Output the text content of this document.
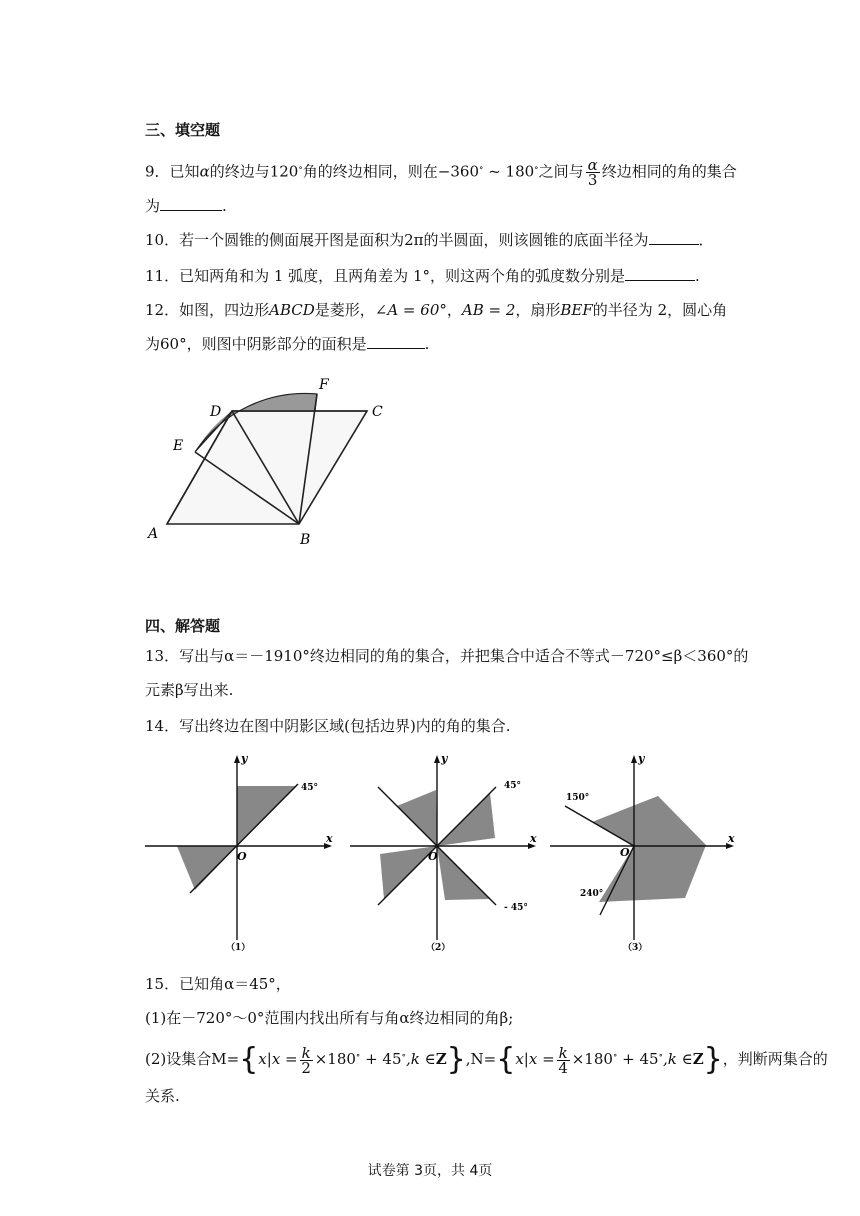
三、填空题
9．已知α的终边与120∘角的终边相同，则在−360∘ ~ 180∘之间与 $\frac{\alpha}{3}$ 终边相同的角的集合
为	.
10．若一个圆锥的侧面展开图是面积为2π的半圆面，则该圆锥的底面半径为	．
11．已知两角和为 1 弧度，且两角差为 1°，则这两个角的弧度数分别是	.
12．如图，四边形ABCD是菱形，∠A = 60°，AB = 2，扇形BEF的半径为 2，圆心角
为60°，则图中阴影部分的面积是	.
A	B
C
D
E
F
四、解答题
13．写出与α＝－1910°终边相同的角的集合，并把集合中适合不等式－720°≤β＜360°的
元素β写出来.
14．写出终边在图中阴影区域(包括边界)内的角的集合.
y
x
O
45°
（1）
y
x
O
45°
- 45°
（2）
y
x
O
150°
240°
（3）
15．已知角α＝45°，
(1)在－720°～0°范围内找出所有与角α终边相同的角β;
(2)设集合$M=\{x|x = \frac{k}{2} \times 180^\circ + 45^\circ,k$ ∈Z},N={x|x = $\frac{k}{4} \times 180^\circ + 45^\circ,k$ ∈Z}，判断两集合的
关系.
试卷第 3页，共 4页
